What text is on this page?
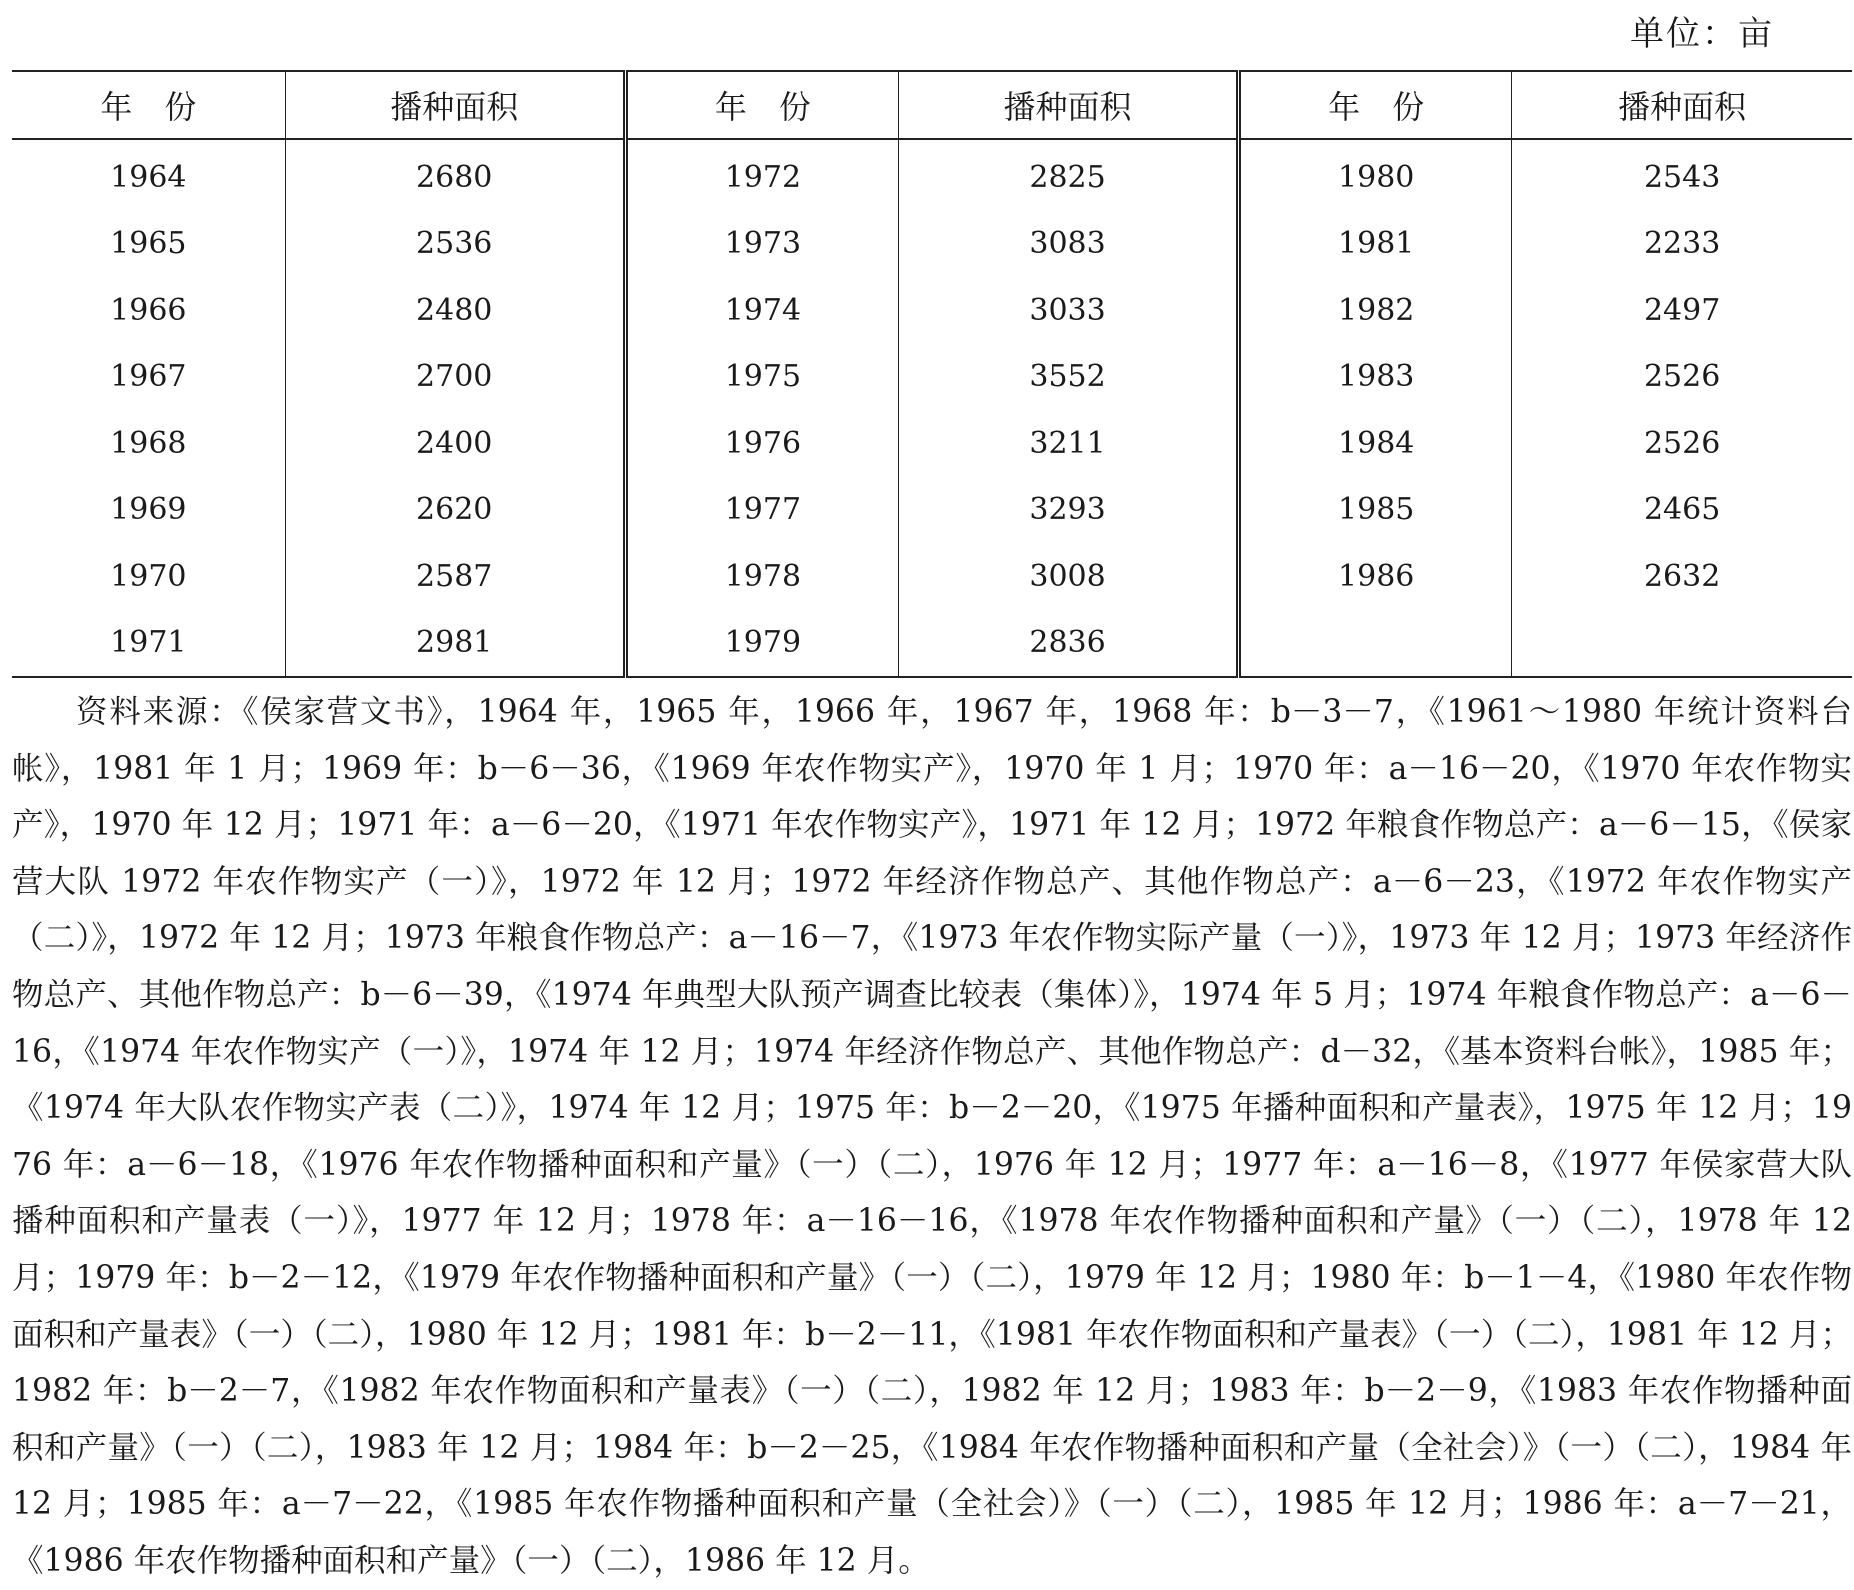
单位：亩
年　份	播种面积	年　份	播种面积	年　份	播种面积
1964	2680	1972	2825	1980	2543
1965	2536	1973	3083	1981	2233
1966	2480	1974	3033	1982	2497
1967	2700	1975	3552	1983	2526
1968	2400	1976	3211	1984	2526
1969	2620	1977	3293	1985	2465
1970	2587	1978	3008	1986	2632
1971	2981	1979	2836		
资料来源：《侯家营文书》，1964 年，1965 年，1966 年，1967 年，1968 年：b－3－7，《1961～1980 年统计资料台帐》，1981 年 1 月；1969 年：b－6－36，《1969 年农作物实产》，1970 年 1 月；1970 年：a－16－20，《1970 年农作物实产》，1970 年 12 月；1971 年：a－6－20，《1971 年农作物实产》，1971 年 12 月；1972 年粮食作物总产：a－6－15，《侯家营大队 1972 年农作物实产（一）》，1972 年 12 月；1972 年经济作物总产、其他作物总产：a－6－23，《1972 年农作物实产（二）》，1972 年 12 月；1973 年粮食作物总产：a－16－7，《1973 年农作物实际产量（一）》，1973 年 12 月；1973 年经济作物总产、其他作物总产：b－6－39，《1974 年典型大队预产调查比较表（集体）》，1974 年 5 月；1974 年粮食作物总产：a－6－16，《1974 年农作物实产（一）》，1974 年 12 月；1974 年经济作物总产、其他作物总产：d－32，《基本资料台帐》，1985 年；《1974 年大队农作物实产表（二）》，1974 年 12 月；1975 年：b－2－20，《1975 年播种面积和产量表》，1975 年 12 月；1976 年：a－6－18，《1976 年农作物播种面积和产量》（一）（二），1976 年 12 月；1977 年：a－16－8，《1977 年侯家营大队播种面积和产量表（一）》，1977 年 12 月；1978 年：a－16－16，《1978 年农作物播种面积和产量》（一）（二），1978 年 12 月；1979 年：b－2－12，《1979 年农作物播种面积和产量》（一）（二），1979 年 12 月；1980 年：b－1－4，《1980 年农作物面积和产量表》（一）（二），1980 年 12 月；1981 年：b－2－11，《1981 年农作物面积和产量表》（一）（二），1981 年 12 月；1982 年：b－2－7，《1982 年农作物面积和产量表》（一）（二），1982 年 12 月；1983 年：b－2－9，《1983 年农作物播种面积和产量》（一）（二），1983 年 12 月；1984 年：b－2－25，《1984 年农作物播种面积和产量（全社会）》（一）（二），1984 年 12 月；1985 年：a－7－22，《1985 年农作物播种面积和产量（全社会）》（一）（二），1985 年 12 月；1986 年：a－7－21，《1986 年农作物播种面积和产量》（一）（二），1986 年 12 月。
